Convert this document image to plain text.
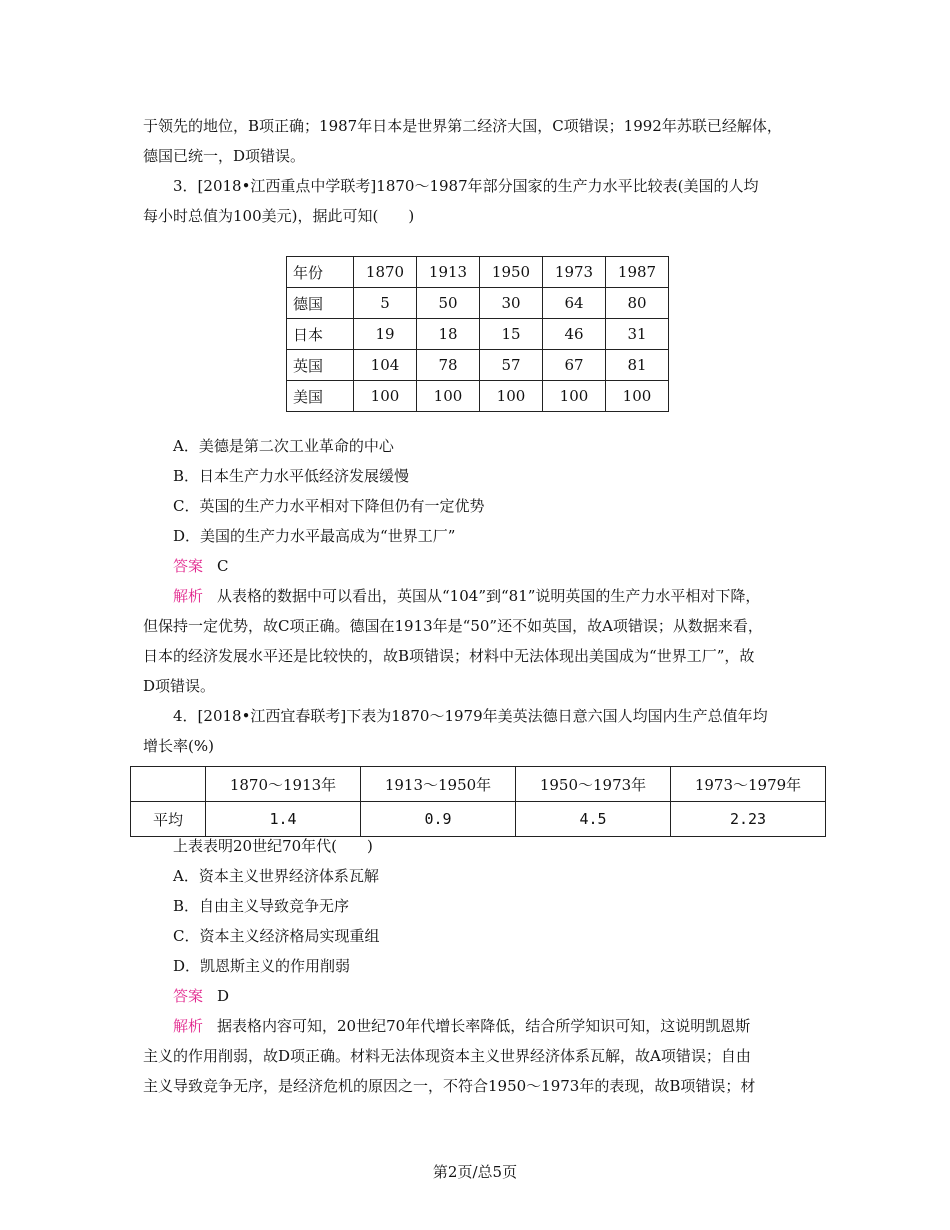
于领先的地位，B项正确；1987年日本是世界第二经济大国，C项错误；1992年苏联已经解体，
德国已统一，D项错误。
3．[2018•江西重点中学联考]1870～1987年部分国家的生产力水平比较表(美国的人均
每小时总值为100美元)，据此可知(　　)
年份	1870	1913	1950	1973	1987
德国	5	50	30	64	80
日本	19	18	15	46	31
英国	104	78	57	67	81
美国	100	100	100	100	100
A．美德是第二次工业革命的中心
B．日本生产力水平低经济发展缓慢
C．英国的生产力水平相对下降但仍有一定优势
D．美国的生产力水平最高成为“世界工厂”
答案 C
解析 从表格的数据中可以看出，英国从“104”到“81”说明英国的生产力水平相对下降，
但保持一定优势，故C项正确。德国在1913年是“50”还不如英国，故A项错误；从数据来看，
日本的经济发展水平还是比较快的，故B项错误；材料中无法体现出美国成为“世界工厂”，故
D项错误。
4．[2018•江西宜春联考]下表为1870～1979年美英法德日意六国人均国内生产总值年均
增长率(%)
	1870～1913年	1913～1950年	1950～1973年	1973～1979年
平均	1.4	0.9	4.5	2.23
上表表明20世纪70年代(　　)
A．资本主义世界经济体系瓦解
B．自由主义导致竞争无序
C．资本主义经济格局实现重组
D．凯恩斯主义的作用削弱
答案 D
解析 据表格内容可知，20世纪70年代增长率降低，结合所学知识可知，这说明凯恩斯
主义的作用削弱，故D项正确。材料无法体现资本主义世界经济体系瓦解，故A项错误；自由
主义导致竞争无序，是经济危机的原因之一，不符合1950～1973年的表现，故B项错误；材
第2页/总5页
